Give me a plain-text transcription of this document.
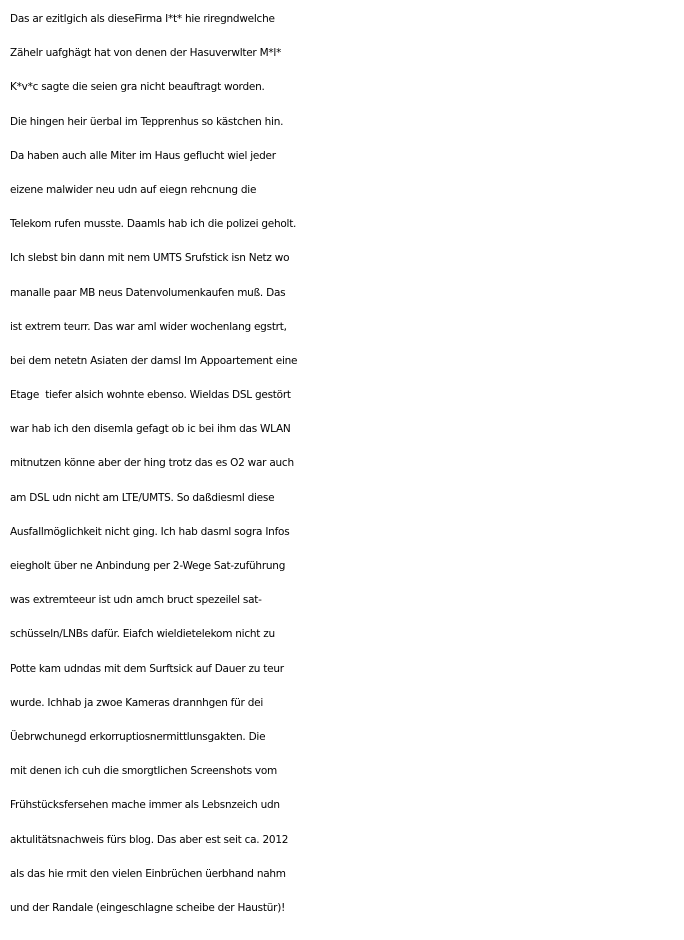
Das ar ezitlgich als dieseFirma I*t* hie riregndwelche
Zähelr uafghägt hat von denen der Hasuverwlter M*l*
K*v*c sagte die seien gra nicht beauftragt worden.
Die hingen heir üerbal im Tepprenhus so kästchen hin.
Da haben auch alle Miter im Haus geflucht wiel jeder
eizene malwider neu udn auf eiegn rehcnung die
Telekom rufen musste. Daamls hab ich die polizei geholt.
Ich slebst bin dann mit nem UMTS Srufstick isn Netz wo
manalle paar MB neus Datenvolumenkaufen muß. Das
ist extrem teurr. Das war aml wider wochenlang egstrt,
bei dem netetn Asiaten der damsl Im Appoartement eine
Etage  tiefer alsich wohnte ebenso. Wieldas DSL gestört
war hab ich den disemla gefagt ob ic bei ihm das WLAN
mitnutzen könne aber der hing trotz das es O2 war auch
am DSL udn nicht am LTE/UMTS. So daßdiesml diese
Ausfallmöglichkeit nicht ging. Ich hab dasml sogra Infos
eiegholt über ne Anbindung per 2-Wege Sat-zuführung
was extremteeur ist udn amch bruct spezeilel sat-
schüsseln/LNBs dafür. Eiafch wieldietelekom nicht zu
Potte kam udndas mit dem Surftsick auf Dauer zu teur
wurde. Ichhab ja zwoe Kameras drannhgen für dei
Üebrwchunegd erkorruptiosnermittlunsgakten. Die
mit denen ich cuh die smorgtlichen Screenshots vom
Frühstücksfersehen mache immer als Lebsnzeich udn
aktulitätsnachweis fürs blog. Das aber est seit ca. 2012
als das hie rmit den vielen Einbrüchen üerbhand nahm
und der Randale (eingeschlagne scheibe der Haustür)!
